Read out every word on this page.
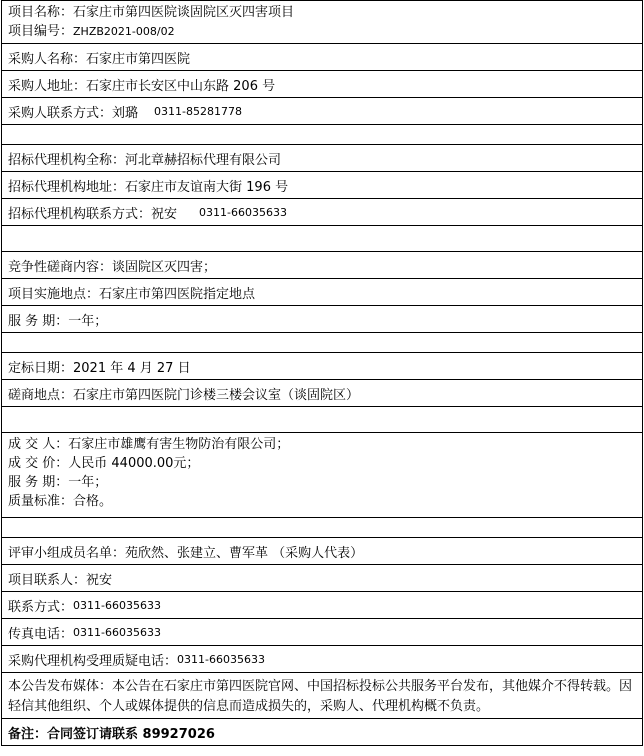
项目名称：石家庄市第四医院谈固院区灭四害项目
项目编号：ZHZB2021-008/02
采购人名称： 石家庄市第四医院
采购人地址： 石家庄市长安区中山东路 206 号
采购人联系方式： 刘璐 0311-85281778
招标代理机构全称： 河北章赫招标代理有限公司
招标代理机构地址： 石家庄市友谊南大街 196 号
招标代理机构联系方式： 祝安 0311-66035633
竞争性磋商内容： 谈固院区灭四害；
项目实施地点： 石家庄市第四医院指定地点
服 务 期： 一年；
定标日期： 2021 年 4 月 27 日
磋商地点： 石家庄市第四医院门诊楼三楼会议室（谈固院区）
成 交 人：石家庄市雄鹰有害生物防治有限公司；
成 交 价：人民币 44000.00元；
服 务 期：一年；
质量标准：合格。
评审小组成员名单： 苑欣然、张建立、曹军革 （采购人代表）
项目联系人： 祝安
联系方式： 0311-66035633
传真电话： 0311-66035633
采购代理机构受理质疑电话： 0311-66035633
本公告发布媒体：本公告在石家庄市第四医院官网、中国招标投标公共服务平台发布，其他媒介不得转载。因轻信其他组织、个人或媒体提供的信息而造成损失的，采购人、代理机构概不负责。
备注： 合同签订请联系 89927026
